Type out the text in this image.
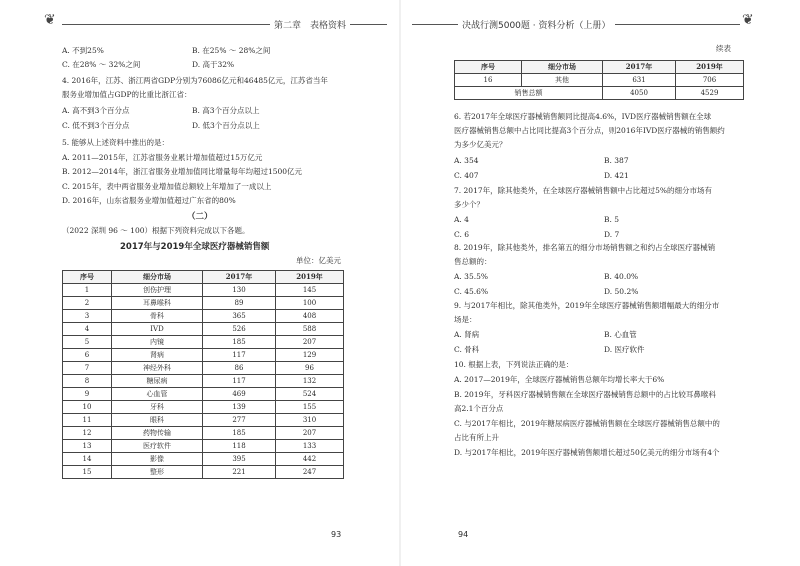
❦	❦
第二章　表格资料	决战行测5000题 · 资料分析（上册）
A. 不到25%	B. 在25% ～ 28%之间
C. 在28% ～ 32%之间	D. 高于32%
4. 2016年，江苏、浙江两省GDP分别为76086亿元和46485亿元，江苏省当年
服务业增加值占GDP的比重比浙江省：
A. 高不到3个百分点	B. 高3个百分点以上
C. 低不到3个百分点	D. 低3个百分点以上
5. 能够从上述资料中推出的是：
A. 2011—2015年，江苏省服务业累计增加值超过15万亿元
B. 2012—2014年，浙江省服务业增加值同比增量每年均超过1500亿元
C. 2015年，表中两省服务业增加值总额较上年增加了一成以上
D. 2016年，山东省服务业增加值超过广东省的80%
（二）
（2022 深圳 96 ～ 100）根据下列资料完成以下各题。
2017年与2019年全球医疗器械销售额
单位：亿美元
序号	细分市场	2017年	2019年
1	创伤护理	130	145
2	耳鼻喉科	89	100
3	骨科	365	408
4	IVD	526	588
5	内镜	185	207
6	肾病	117	129
7	神经外科	86	96
8	糖尿病	117	132
9	心血管	469	524
10	牙科	139	155
11	眼科	277	310
12	药物传输	185	207
13	医疗软件	118	133
14	影像	395	442
15	整形	221	247
93
续表
序号	细分市场	2017年	2019年
16	其他	631	706
销售总额		4050	4529
6. 若2017年全球医疗器械销售额同比提高4.6%，IVD医疗器械销售额在全球
医疗器械销售总额中占比同比提高3个百分点，则2016年IVD医疗器械的销售额约
为多少亿美元？
A. 354	B. 387
C. 407	D. 421
7. 2017年，除其他类外，在全球医疗器械销售额中占比超过5%的细分市场有
多少个？
A. 4	B. 5
C. 6	D. 7
8. 2019年，除其他类外，排名第五的细分市场销售额之和约占全球医疗器械销
售总额的：
A. 35.5%	B. 40.0%
C. 45.6%	D. 50.2%
9. 与2017年相比，除其他类外，2019年全球医疗器械销售额增幅最大的细分市
场是：
A. 肾病	B. 心血管
C. 骨科	D. 医疗软件
10. 根据上表，下列说法正确的是：
A. 2017—2019年，全球医疗器械销售总额年均增长率大于6%
B. 2019年，牙科医疗器械销售额在全球医疗器械销售总额中的占比较耳鼻喉科
高2.1个百分点
C. 与2017年相比，2019年糖尿病医疗器械销售额在全球医疗器械销售总额中的
占比有所上升
D. 与2017年相比，2019年医疗器械销售额增长超过50亿美元的细分市场有4个
94
